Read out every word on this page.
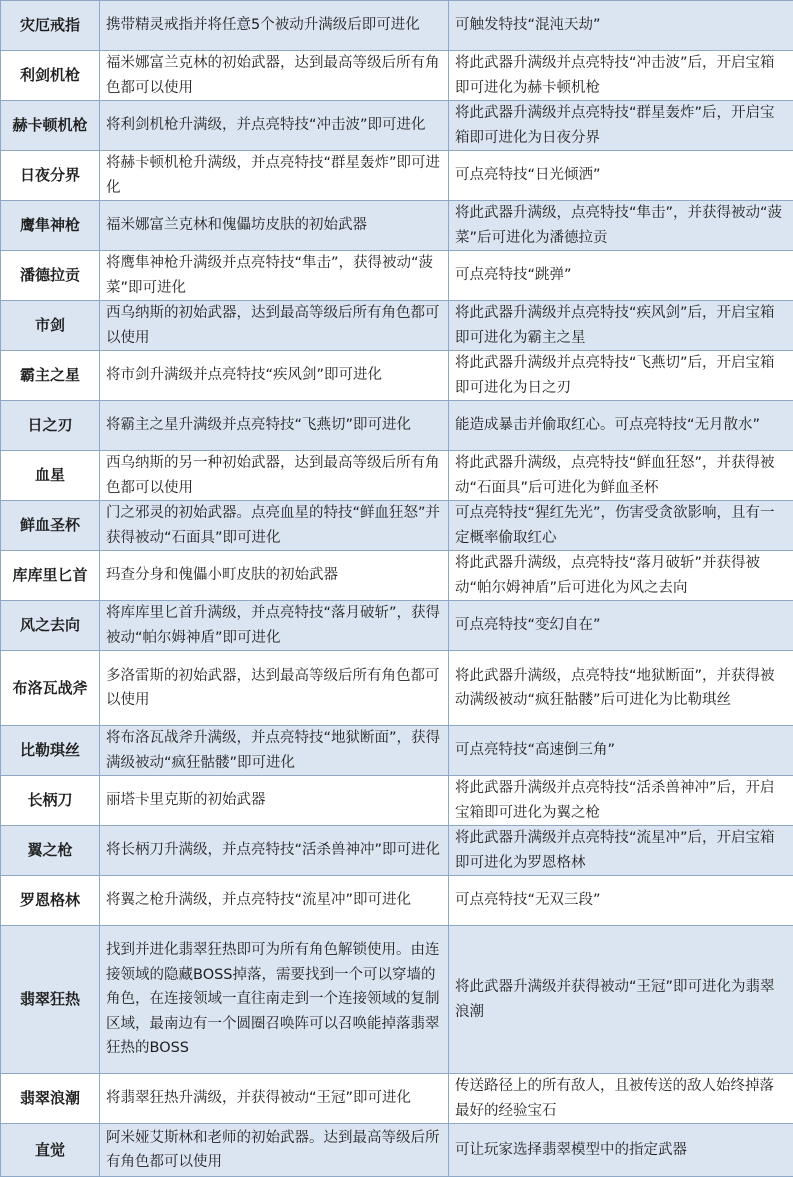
灾厄戒指	携带精灵戒指并将任意5个被动升满级后即可进化	可触发特技“混沌天劫”
利剑机枪	福米娜富兰克林的初始武器，达到最高等级后所有角色都可以使用	将此武器升满级并点亮特技“冲击波”后，开启宝箱即可进化为赫卡顿机枪
赫卡顿机枪	将利剑机枪升满级，并点亮特技“冲击波”即可进化	将此武器升满级并点亮特技“群星轰炸”后，开启宝箱即可进化为日夜分界
日夜分界	将赫卡顿机枪升满级，并点亮特技“群星轰炸”即可进化	可点亮特技“日光倾洒”
鹰隼神枪	福米娜富兰克林和傀儡坊皮肤的初始武器	将此武器升满级，点亮特技“隼击”，并获得被动“菠菜”后可进化为潘德拉贡
潘德拉贡	将鹰隼神枪升满级并点亮特技“隼击”，获得被动“菠菜”即可进化	可点亮特技“跳弹”
市剑	西乌纳斯的初始武器，达到最高等级后所有角色都可以使用	将此武器升满级并点亮特技“疾风剑”后，开启宝箱即可进化为霸主之星
霸主之星	将市剑升满级并点亮特技“疾风剑”即可进化	将此武器升满级并点亮特技“飞燕切”后，开启宝箱即可进化为日之刃
日之刃	将霸主之星升满级并点亮特技“飞燕切”即可进化	能造成暴击并偷取红心。可点亮特技“无月散水”
血星	西乌纳斯的另一种初始武器，达到最高等级后所有角色都可以使用	将此武器升满级，点亮特技“鲜血狂怒”，并获得被动“石面具”后可进化为鲜血圣杯
鲜血圣杯	门之邪灵的初始武器。点亮血星的特技“鲜血狂怒”并获得被动“石面具”即可进化	可点亮特技“猩红先光”，伤害受贪欲影响，且有一定概率偷取红心
库库里匕首	玛查分身和傀儡小町皮肤的初始武器	将此武器升满级，点亮特技“落月破斩”并获得被动“帕尔姆神盾”后可进化为风之去向
风之去向	将库库里匕首升满级，并点亮特技“落月破斩”，获得被动“帕尔姆神盾”即可进化	可点亮特技“变幻自在”
布洛瓦战斧	多洛雷斯的初始武器，达到最高等级后所有角色都可以使用	将此武器升满级，点亮特技“地狱断面”，并获得被动满级被动“疯狂骷髅”后可进化为比勒琪丝
比勒琪丝	将布洛瓦战斧升满级，并点亮特技“地狱断面”，获得满级被动“疯狂骷髅”即可进化	可点亮特技“高速倒三角”
长柄刀	丽塔卡里克斯的初始武器	将此武器升满级并点亮特技“活杀兽神冲”后，开启宝箱即可进化为翼之枪
翼之枪	将长柄刀升满级，并点亮特技“活杀兽神冲”即可进化	将此武器升满级并点亮特技“流星冲”后，开启宝箱即可进化为罗恩格林
罗恩格林	将翼之枪升满级，并点亮特技“流星冲”即可进化	可点亮特技“无双三段”
翡翠狂热	找到并进化翡翠狂热即可为所有角色解锁使用。由连接领域的隐藏BOSS掉落，需要找到一个可以穿墙的角色，在连接领域一直往南走到一个连接领域的复制区域，最南边有一个圆圈召唤阵可以召唤能掉落翡翠狂热的BOSS	将此武器升满级并获得被动“王冠”即可进化为翡翠浪潮
翡翠浪潮	将翡翠狂热升满级，并获得被动“王冠”即可进化	传送路径上的所有敌人，且被传送的敌人始终掉落最好的经验宝石
直觉	阿米娅艾斯林和老师的初始武器。达到最高等级后所有角色都可以使用	可让玩家选择翡翠模型中的指定武器
